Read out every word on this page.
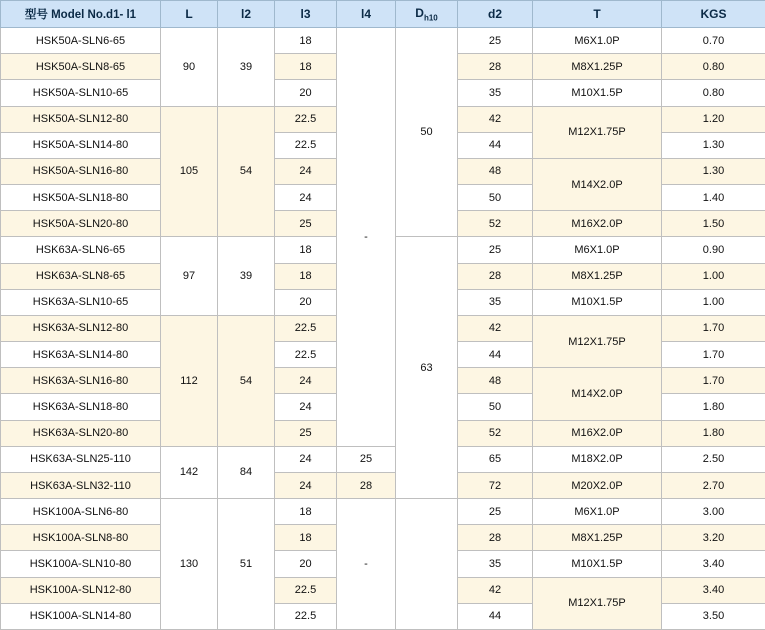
型号 Model No.d1- l1	L	l2	l3	l4	$D_{h10}$	d2	T	KGS
HSK50A-SLN6-65	90	39	18	-	50	25	M6X1.0P	0.70
HSK50A-SLN8-65			18			28	M8X1.25P	0.80
HSK50A-SLN10-65			20			35	M10X1.5P	0.80
HSK50A-SLN12-80	105	54	22.5			42	M12X1.75P	1.20
HSK50A-SLN14-80			22.5			44		1.30
HSK50A-SLN16-80			24			48	M14X2.0P	1.30
HSK50A-SLN18-80			24			50		1.40
HSK50A-SLN20-80			25			52	M16X2.0P	1.50
HSK63A-SLN6-65	97	39	18		63	25	M6X1.0P	0.90
HSK63A-SLN8-65			18			28	M8X1.25P	1.00
HSK63A-SLN10-65			20			35	M10X1.5P	1.00
HSK63A-SLN12-80	112	54	22.5			42	M12X1.75P	1.70
HSK63A-SLN14-80			22.5			44		1.70
HSK63A-SLN16-80			24			48	M14X2.0P	1.70
HSK63A-SLN18-80			24			50		1.80
HSK63A-SLN20-80			25			52	M16X2.0P	1.80
HSK63A-SLN25-110	142	84	24	25		65	M18X2.0P	2.50
HSK63A-SLN32-110			24	28		72	M20X2.0P	2.70
HSK100A-SLN6-80	130	51	18	-		25	M6X1.0P	3.00
HSK100A-SLN8-80			18			28	M8X1.25P	3.20
HSK100A-SLN10-80			20			35	M10X1.5P	3.40
HSK100A-SLN12-80			22.5			42	M12X1.75P	3.40
HSK100A-SLN14-80			22.5			44		3.50
